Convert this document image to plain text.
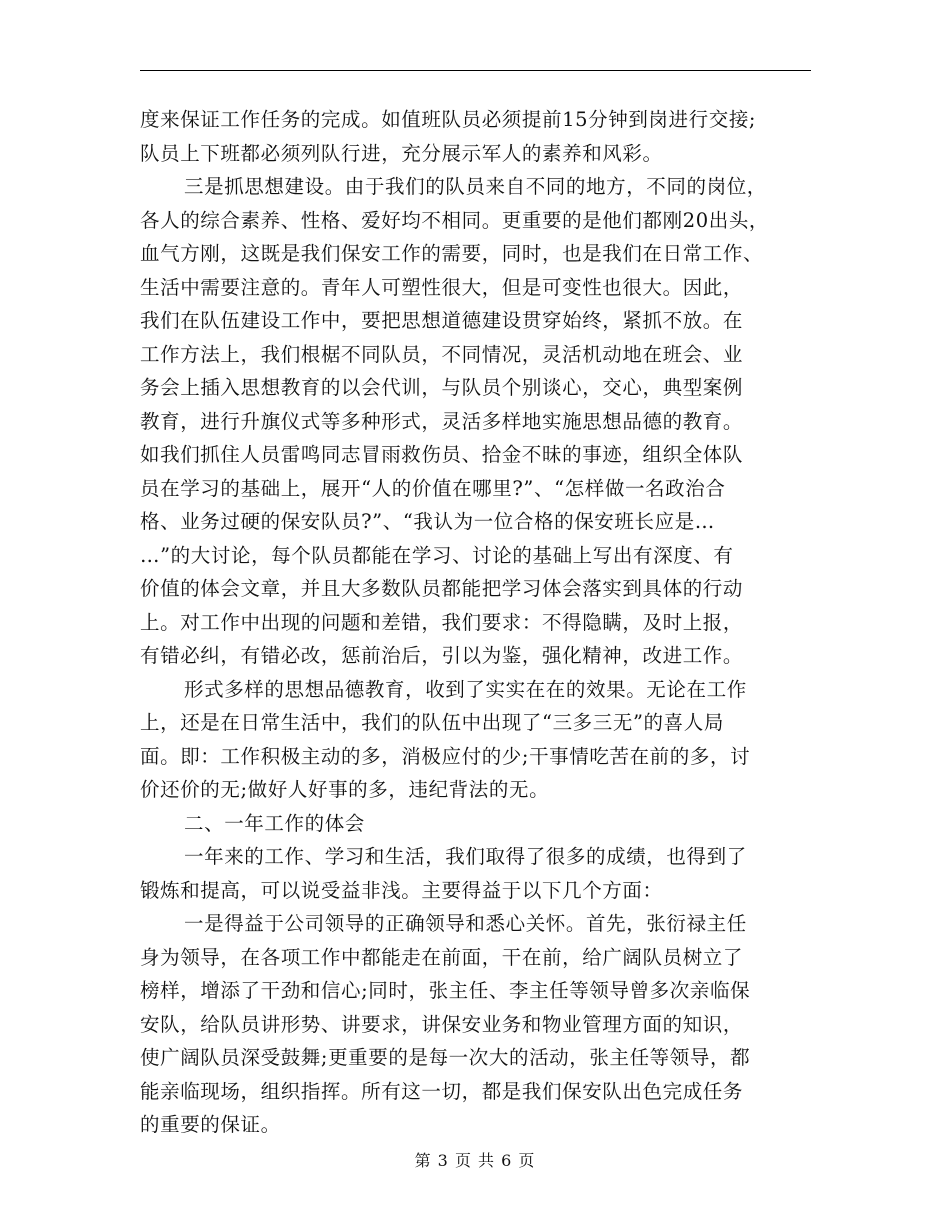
度来保证工作任务的完成。如值班队员必须提前15分钟到岗进行交接;
队员上下班都必须列队行进，充分展示军人的素养和风彩。
三是抓思想建设。由于我们的队员来自不同的地方，不同的岗位，
各人的综合素养、性格、爱好均不相同。更重要的是他们都刚20出头，
血气方刚，这既是我们保安工作的需要，同时，也是我们在日常工作、
生活中需要注意的。青年人可塑性很大，但是可变性也很大。因此，
我们在队伍建设工作中，要把思想道德建设贯穿始终，紧抓不放。在
工作方法上，我们根椐不同队员，不同情况，灵活机动地在班会、业
务会上插入思想教育的以会代训，与队员个别谈心，交心，典型案例
教育，进行升旗仪式等多种形式，灵活多样地实施思想品德的教育。
如我们抓住人员雷鸣同志冒雨救伤员、拾金不昧的事迹，组织全体队
员在学习的基础上，展开“人的价值在哪里?”、“怎样做一名政治合
格、业务过硬的保安队员?”、“我认为一位合格的保安班长应是…
…”的大讨论，每个队员都能在学习、讨论的基础上写出有深度、有
价值的体会文章，并且大多数队员都能把学习体会落实到具体的行动
上。对工作中出现的问题和差错，我们要求：不得隐瞒，及时上报，
有错必纠，有错必改，惩前治后，引以为鉴，强化精神，改进工作。
形式多样的思想品德教育，收到了实实在在的效果。无论在工作
上，还是在日常生活中，我们的队伍中出现了“三多三无”的喜人局
面。即：工作积极主动的多，消极应付的少;干事情吃苦在前的多，讨
价还价的无;做好人好事的多，违纪背法的无。
二、一年工作的体会
一年来的工作、学习和生活，我们取得了很多的成绩，也得到了
锻炼和提高，可以说受益非浅。主要得益于以下几个方面：
一是得益于公司领导的正确领导和悉心关怀。首先，张衍禄主任
身为领导，在各项工作中都能走在前面，干在前，给广阔队员树立了
榜样，增添了干劲和信心;同时，张主任、李主任等领导曾多次亲临保
安队，给队员讲形势、讲要求，讲保安业务和物业管理方面的知识，
使广阔队员深受鼓舞;更重要的是每一次大的活动，张主任等领导，都
能亲临现场，组织指挥。所有这一切，都是我们保安队出色完成任务
的重要的保证。
第 3 页 共 6 页
